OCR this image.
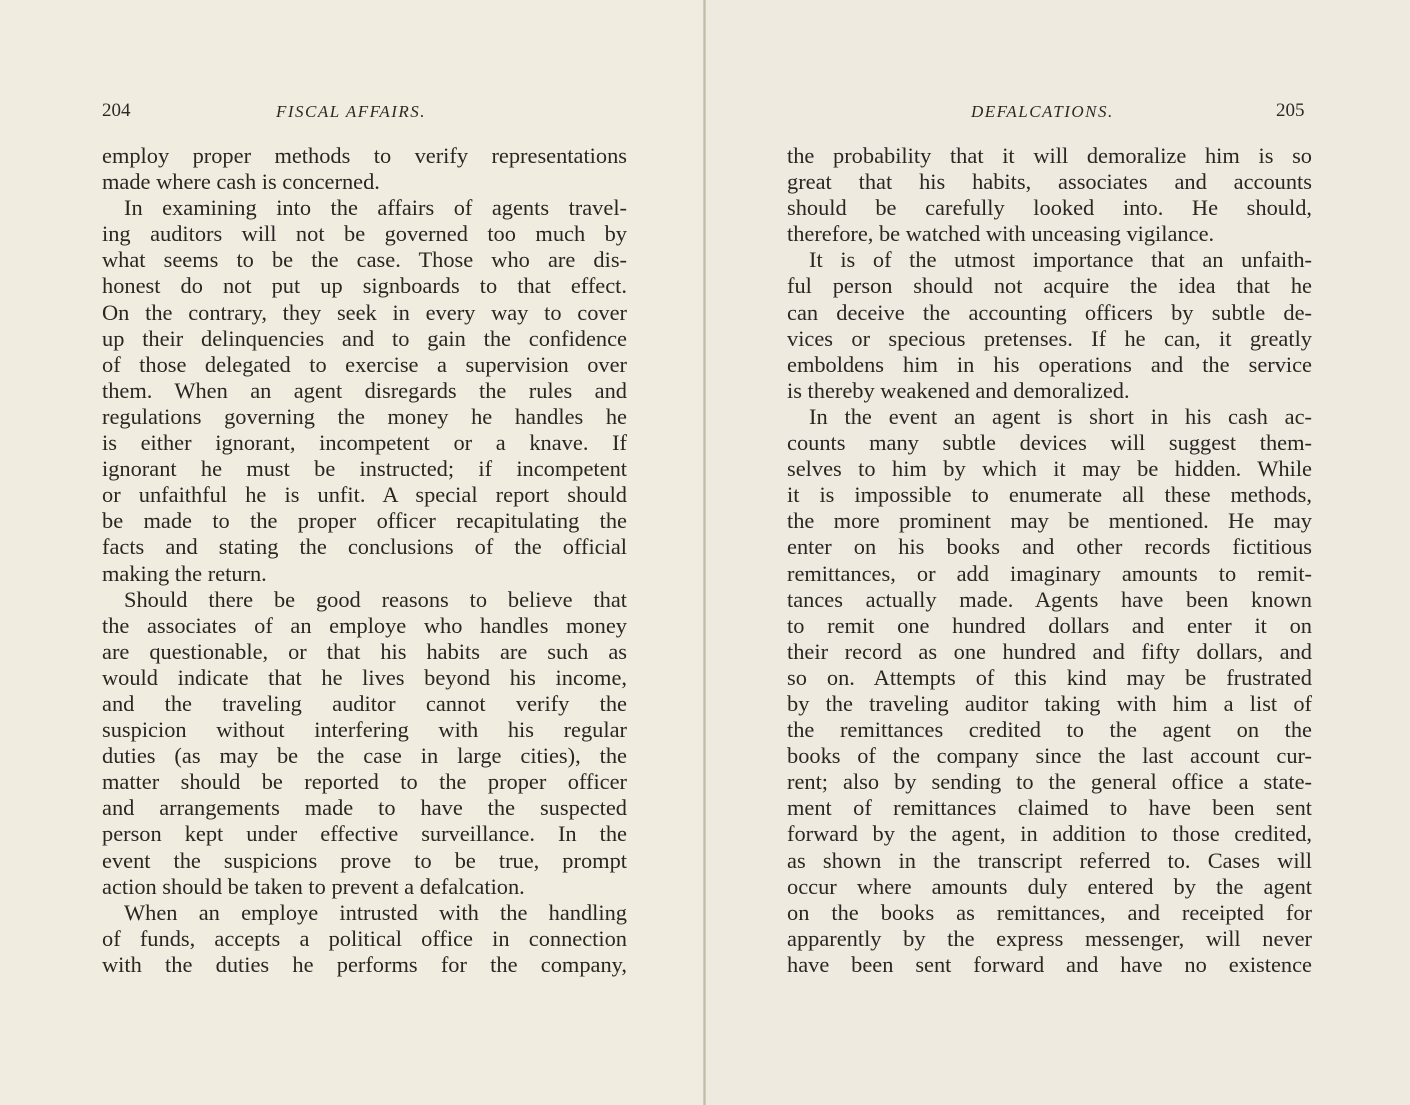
204	FISCAL AFFAIRS.
employ proper methods to verify representations
made where cash is concerned.
In examining into the affairs of agents travel-
ing auditors will not be governed too much by
what seems to be the case. Those who are dis-
honest do not put up signboards to that effect.
On the contrary, they seek in every way to cover
up their delinquencies and to gain the confidence
of those delegated to exercise a supervision over
them. When an agent disregards the rules and
regulations governing the money he handles he
is either ignorant, incompetent or a knave. If
ignorant he must be instructed; if incompetent
or unfaithful he is unfit. A special report should
be made to the proper officer recapitulating the
facts and stating the conclusions of the official
making the return.
Should there be good reasons to believe that
the associates of an employe who handles money
are questionable, or that his habits are such as
would indicate that he lives beyond his income,
and the traveling auditor cannot verify the
suspicion without interfering with his regular
duties (as may be the case in large cities), the
matter should be reported to the proper officer
and arrangements made to have the suspected
person kept under effective surveillance. In the
event the suspicions prove to be true, prompt
action should be taken to prevent a defalcation.
When an employe intrusted with the handling
of funds, accepts a political office in connection
with the duties he performs for the company,
DEFALCATIONS.	205
the probability that it will demoralize him is so
great that his habits, associates and accounts
should be carefully looked into. He should,
therefore, be watched with unceasing vigilance.
It is of the utmost importance that an unfaith-
ful person should not acquire the idea that he
can deceive the accounting officers by subtle de-
vices or specious pretenses. If he can, it greatly
emboldens him in his operations and the service
is thereby weakened and demoralized.
In the event an agent is short in his cash ac-
counts many subtle devices will suggest them-
selves to him by which it may be hidden. While
it is impossible to enumerate all these methods,
the more prominent may be mentioned. He may
enter on his books and other records fictitious
remittances, or add imaginary amounts to remit-
tances actually made. Agents have been known
to remit one hundred dollars and enter it on
their record as one hundred and fifty dollars, and
so on. Attempts of this kind may be frustrated
by the traveling auditor taking with him a list of
the remittances credited to the agent on the
books of the company since the last account cur-
rent; also by sending to the general office a state-
ment of remittances claimed to have been sent
forward by the agent, in addition to those credited,
as shown in the transcript referred to. Cases will
occur where amounts duly entered by the agent
on the books as remittances, and receipted for
apparently by the express messenger, will never
have been sent forward and have no existence
